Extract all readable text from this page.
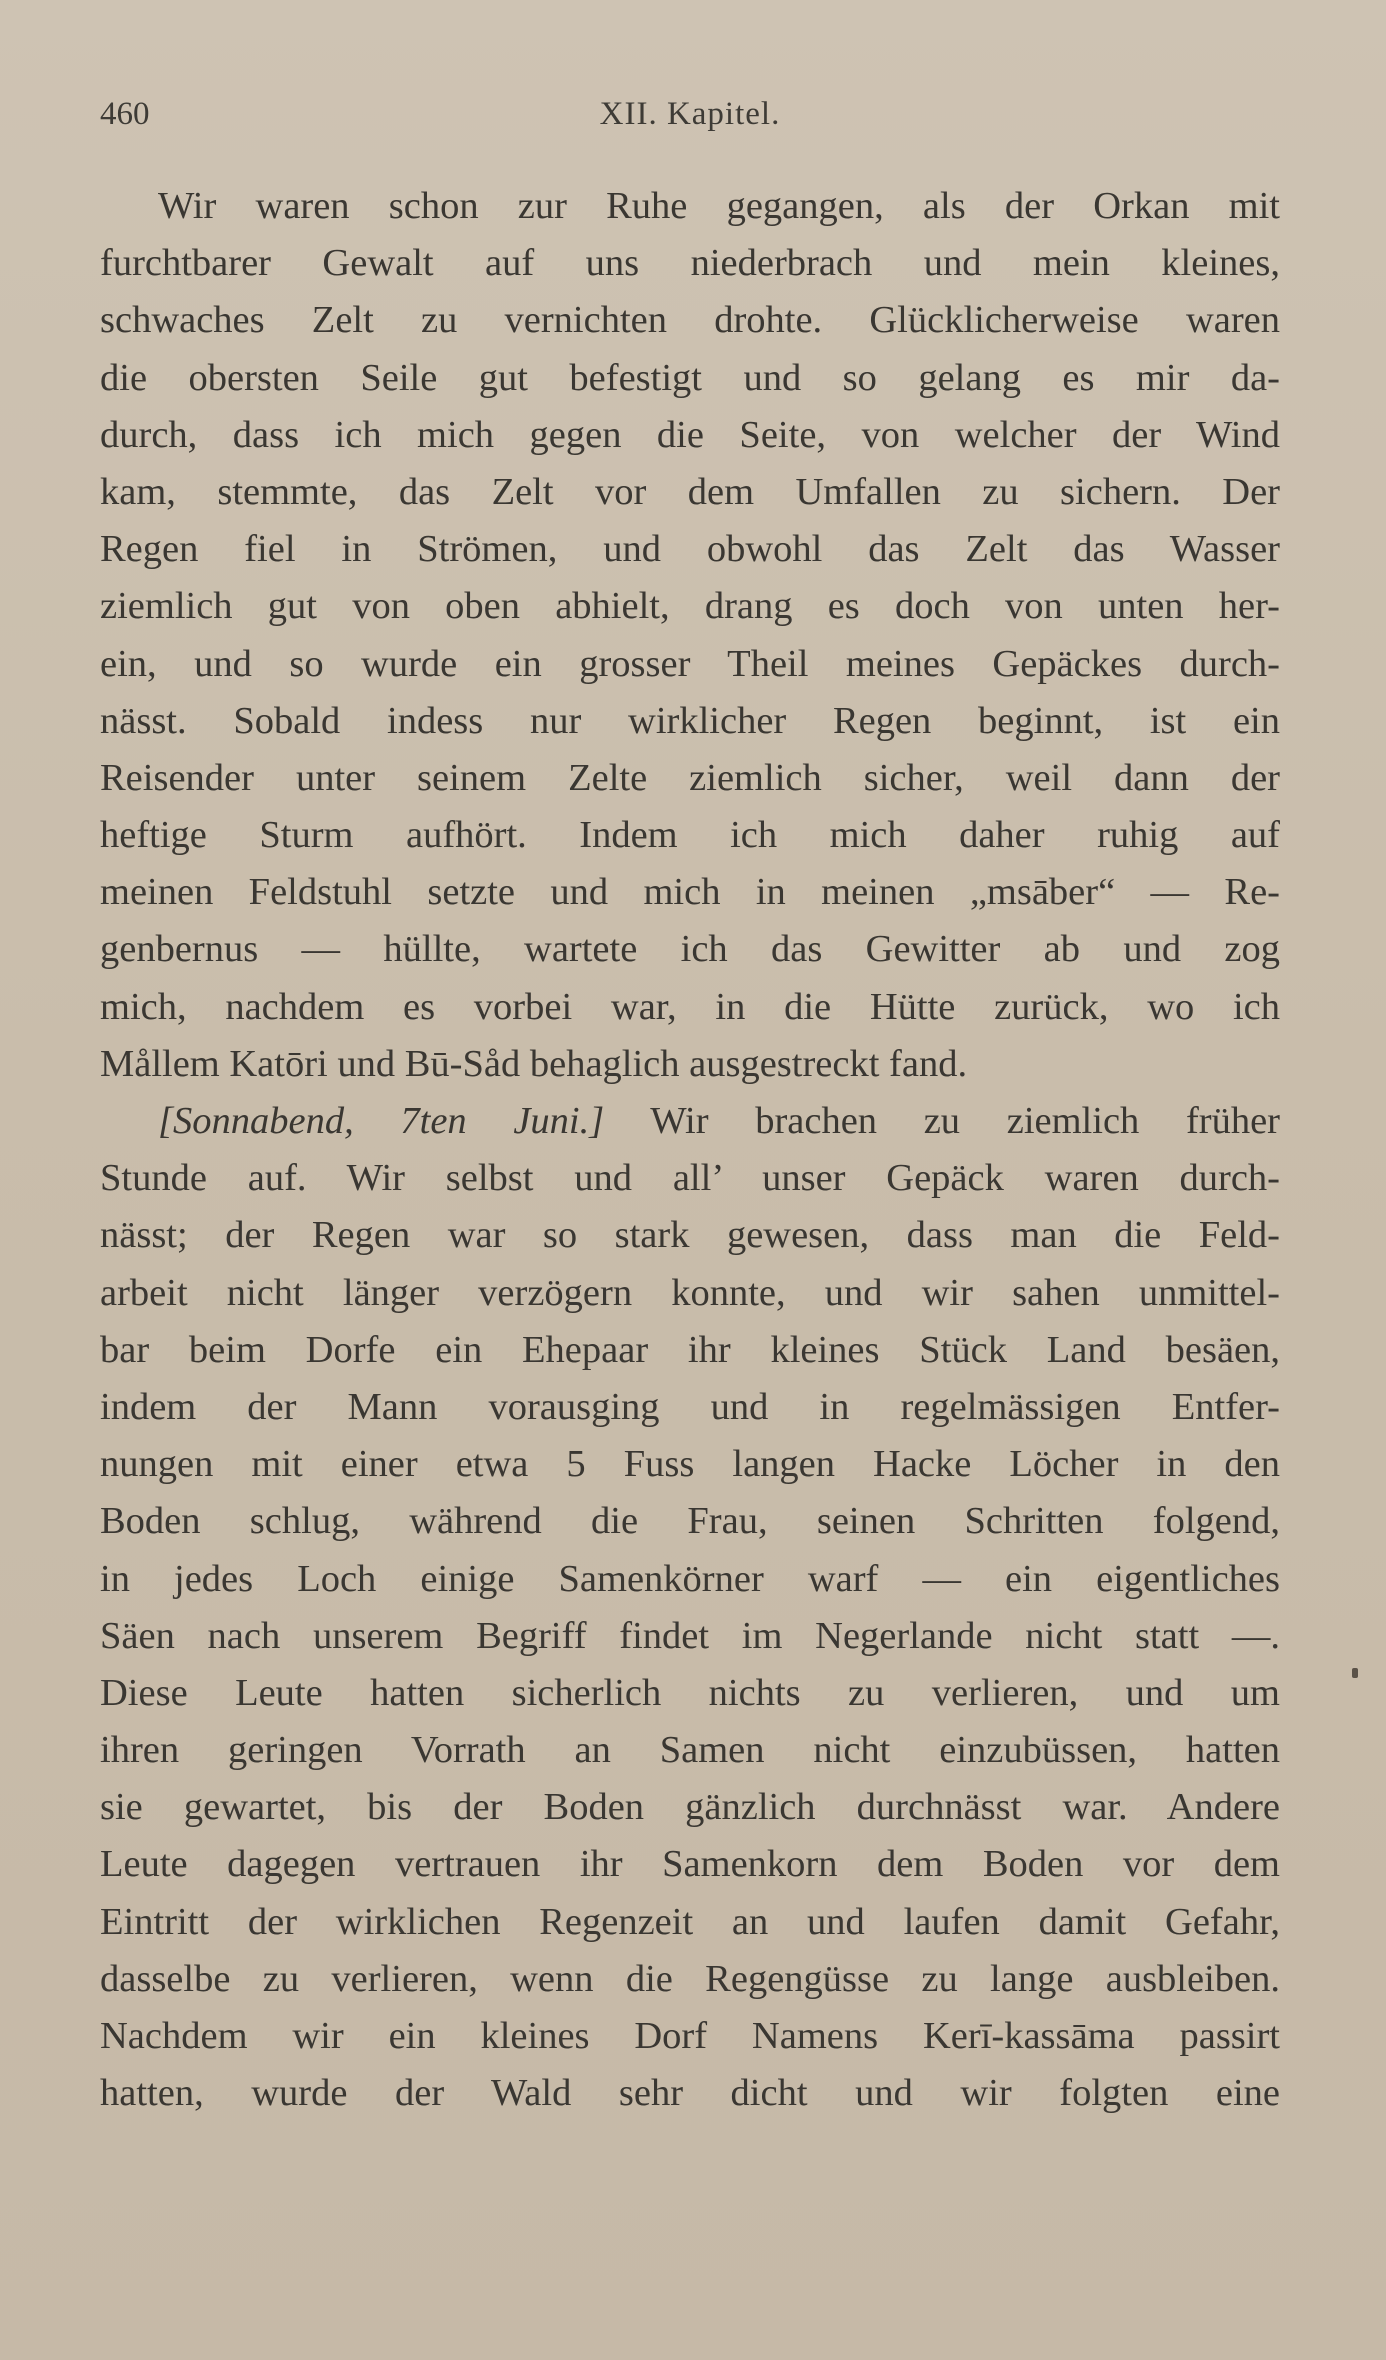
460	XII. Kapitel.
Wir waren schon zur Ruhe gegangen, als der Orkan mit
furchtbarer Gewalt auf uns niederbrach und mein kleines,
schwaches Zelt zu vernichten drohte. Glücklicherweise waren
die obersten Seile gut befestigt und so gelang es mir da-
durch, dass ich mich gegen die Seite, von welcher der Wind
kam, stemmte, das Zelt vor dem Umfallen zu sichern. Der
Regen fiel in Strömen, und obwohl das Zelt das Wasser
ziemlich gut von oben abhielt, drang es doch von unten her-
ein, und so wurde ein grosser Theil meines Gepäckes durch-
nässt. Sobald indess nur wirklicher Regen beginnt, ist ein
Reisender unter seinem Zelte ziemlich sicher, weil dann der
heftige Sturm aufhört. Indem ich mich daher ruhig auf
meinen Feldstuhl setzte und mich in meinen „msāber“ — Re-
genbernus — hüllte, wartete ich das Gewitter ab und zog
mich, nachdem es vorbei war, in die Hütte zurück, wo ich
Mållem Katōri und Bū-Såd behaglich ausgestreckt fand.
[Sonnabend, 7ten Juni.] Wir brachen zu ziemlich früher
Stunde auf. Wir selbst und all’ unser Gepäck waren durch-
nässt; der Regen war so stark gewesen, dass man die Feld-
arbeit nicht länger verzögern konnte, und wir sahen unmittel-
bar beim Dorfe ein Ehepaar ihr kleines Stück Land besäen,
indem der Mann vorausging und in regelmässigen Entfer-
nungen mit einer etwa 5 Fuss langen Hacke Löcher in den
Boden schlug, während die Frau, seinen Schritten folgend,
in jedes Loch einige Samenkörner warf — ein eigentliches
Säen nach unserem Begriff findet im Negerlande nicht statt —.
Diese Leute hatten sicherlich nichts zu verlieren, und um
ihren geringen Vorrath an Samen nicht einzubüssen, hatten
sie gewartet, bis der Boden gänzlich durchnässt war. Andere
Leute dagegen vertrauen ihr Samenkorn dem Boden vor dem
Eintritt der wirklichen Regenzeit an und laufen damit Gefahr,
dasselbe zu verlieren, wenn die Regengüsse zu lange ausbleiben.
Nachdem wir ein kleines Dorf Namens Kerī-kassāma passirt
hatten, wurde der Wald sehr dicht und wir folgten eine
